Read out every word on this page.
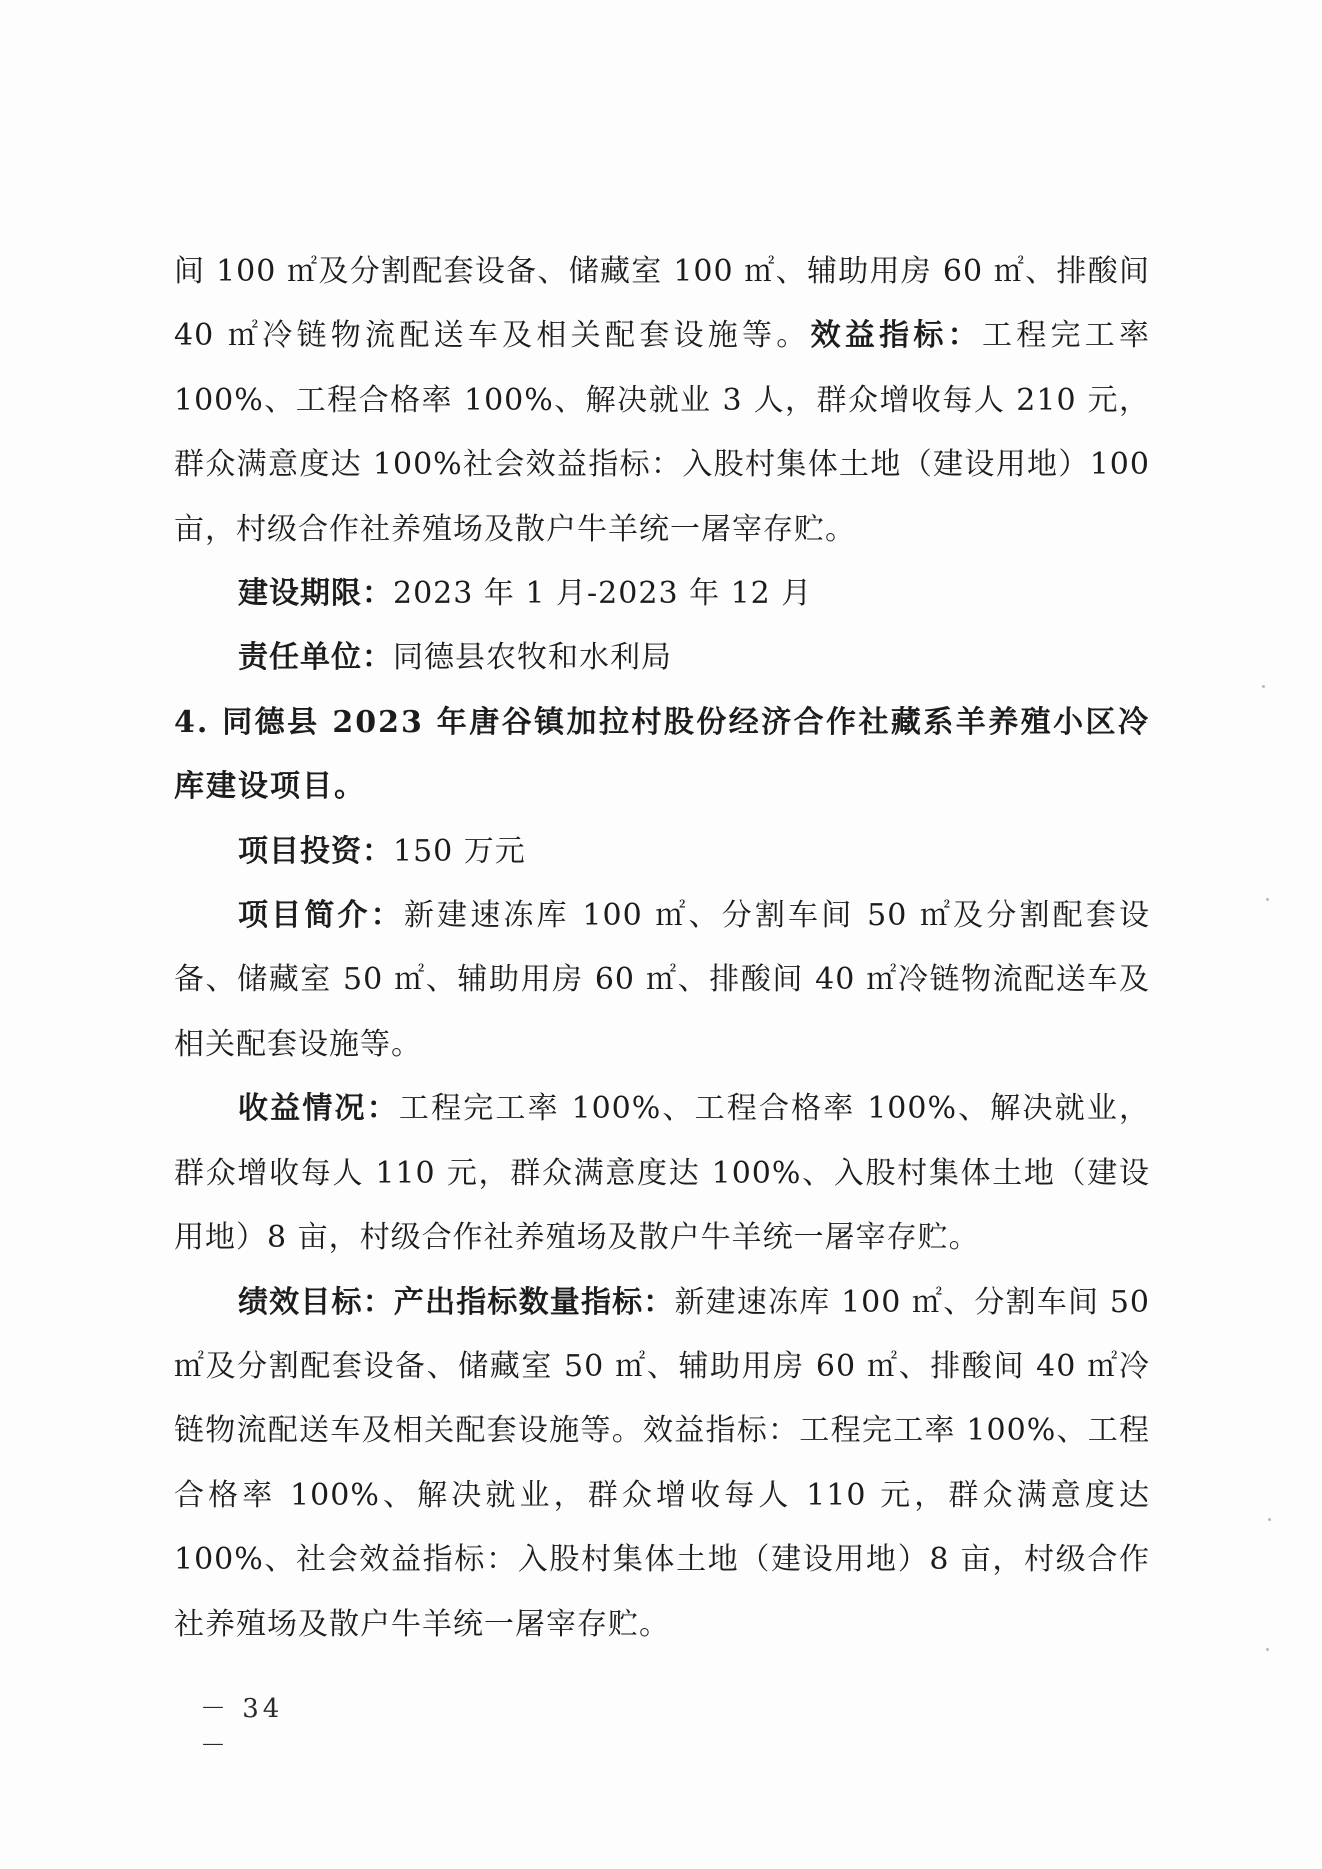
间 100 ㎡及分割配套设备、储藏室 100 ㎡、辅助用房 60 ㎡、排酸间 40 ㎡冷链物流配送车及相关配套设施等。效益指标：工程完工率 100%、工程合格率 100%、解决就业 3 人，群众增收每人 210 元，群众满意度达 100%社会效益指标：入股村集体土地（建设用地）100 亩，村级合作社养殖场及散户牛羊统一屠宰存贮。

建设期限：2023 年 1 月-2023 年 12 月

责任单位：同德县农牧和水利局

4. 同德县 2023 年唐谷镇加拉村股份经济合作社藏系羊养殖小区冷库建设项目。

项目投资：150 万元

项目简介：新建速冻库 100 ㎡、分割车间 50 ㎡及分割配套设备、储藏室 50 ㎡、辅助用房 60 ㎡、排酸间 40 ㎡冷链物流配送车及相关配套设施等。

收益情况：工程完工率 100%、工程合格率 100%、解决就业，群众增收每人 110 元，群众满意度达 100%、入股村集体土地（建设用地）8 亩，村级合作社养殖场及散户牛羊统一屠宰存贮。

绩效目标：产出指标数量指标：新建速冻库 100 ㎡、分割车间 50 ㎡及分割配套设备、储藏室 50 ㎡、辅助用房 60 ㎡、排酸间 40 ㎡冷链物流配送车及相关配套设施等。效益指标：工程完工率 100%、工程合格率 100%、解决就业，群众增收每人 110 元，群众满意度达 100%、社会效益指标：入股村集体土地（建设用地）8 亩，村级合作社养殖场及散户牛羊统一屠宰存贮。

－ 34 －
